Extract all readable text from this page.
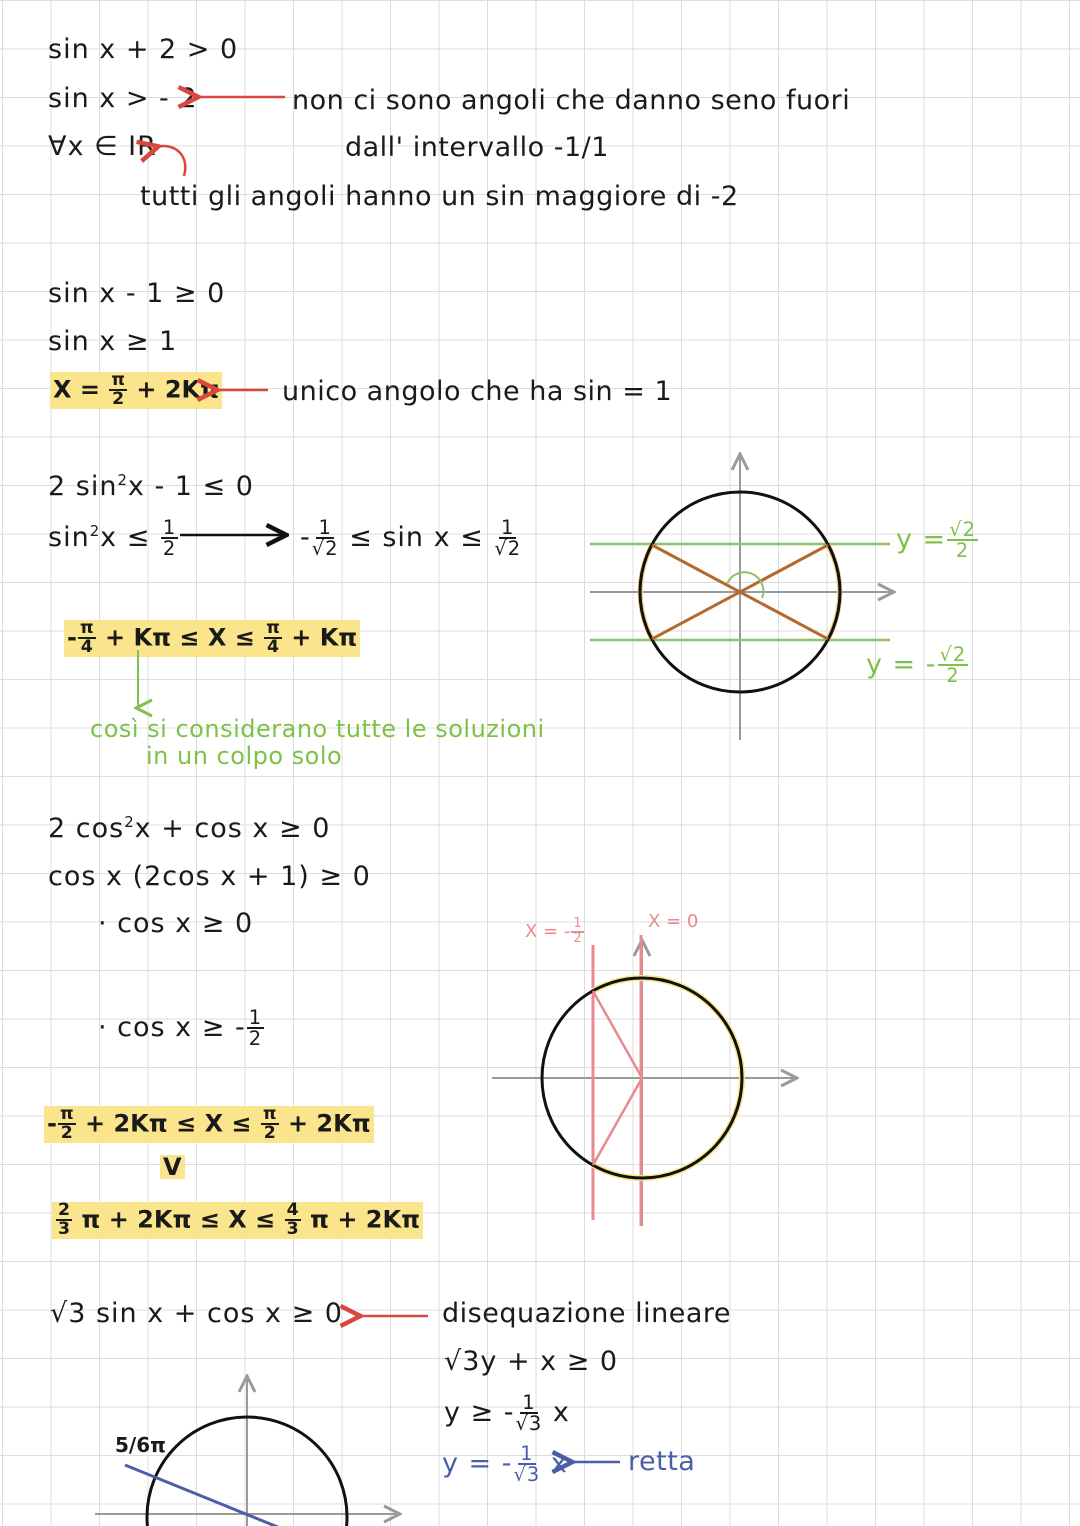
sin x + 2 > 0
sin x > - 2
∀x ∈ IR
non ci sono angoli che danno seno fuori
dall' intervallo -1/1
tutti gli angoli hanno un sin maggiore di -2
sin x - 1 ≥ 0
sin x ≥ 1
$X = \frac{\pi}{2} + 2K\pi$ unico angolo che ha sin = 1
2 $\sin^2x - 1 \le 0$
$\sin^2x \le \frac{1}{2}$	- $\frac{1}{√2} \le \sin x \le \frac{1}{√2}$
- $\frac{\pi}{4} + K\pi \le X \le \frac{\pi}{4} + K\pi$
così si considerano tutte le soluzioni
in un colpo solo
$y = \frac{√2}{2}$
y = - $\frac{√2}{2}$
2 $\cos^2x + \cos x \ge 0$
cos x (2cos x + 1) ≥ 0
· cos x ≥ 0
· cos x ≥ - $\frac{1}{2}$
- $\frac{\pi}{2} + 2K\pi \le X \le \frac{\pi}{2} + 2K\pi$
V
$\frac{2}{3}$ $\pi + 2K\pi \le X \le \frac{4}{3}$ π + 2Kπ
X = - $\frac{1}{2}$	X = 0
√3 sin x + cos x ≥ 0	disequazione lineare
√3y + x ≥ 0
y ≥ - $\frac{1}{√3}$ x
y = - $\frac{1}{√3}$ x retta
5/6π
